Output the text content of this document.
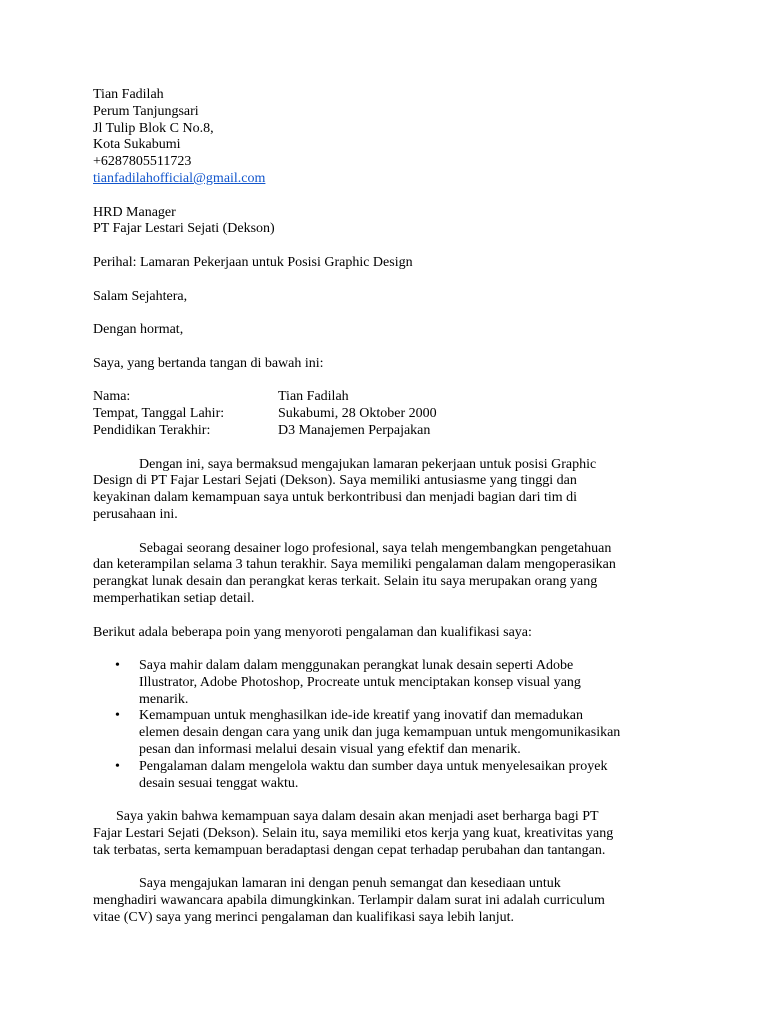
Tian Fadilah
Perum Tanjungsari
Jl Tulip Blok C No.8,
Kota Sukabumi
+6287805511723
tianfadilahofficial@gmail.com
HRD Manager
PT Fajar Lestari Sejati (Dekson)
Perihal: Lamaran Pekerjaan untuk Posisi Graphic Design
Salam Sejahtera,
Dengan hormat,
Saya, yang bertanda tangan di bawah ini:
Nama:	Tian Fadilah
Tempat, Tanggal Lahir:	Sukabumi, 28 Oktober 2000
Pendidikan Terakhir:	D3 Manajemen Perpajakan
Dengan ini, saya bermaksud mengajukan lamaran pekerjaan untuk posisi Graphic
Design di PT Fajar Lestari Sejati (Dekson). Saya memiliki antusiasme yang tinggi dan
keyakinan dalam kemampuan saya untuk berkontribusi dan menjadi bagian dari tim di
perusahaan ini.
Sebagai seorang desainer logo profesional, saya telah mengembangkan pengetahuan
dan keterampilan selama 3 tahun terakhir. Saya memiliki pengalaman dalam mengoperasikan
perangkat lunak desain dan perangkat keras terkait. Selain itu saya merupakan orang yang
memperhatikan setiap detail.
Berikut adala beberapa poin yang menyoroti pengalaman dan kualifikasi saya:
• Saya mahir dalam dalam menggunakan perangkat lunak desain seperti Adobe
Illustrator, Adobe Photoshop, Procreate untuk menciptakan konsep visual yang
menarik.
• Kemampuan untuk menghasilkan ide-ide kreatif yang inovatif dan memadukan
elemen desain dengan cara yang unik dan juga kemampuan untuk mengomunikasikan
pesan dan informasi melalui desain visual yang efektif dan menarik.
• Pengalaman dalam mengelola waktu dan sumber daya untuk menyelesaikan proyek
desain sesuai tenggat waktu.
Saya yakin bahwa kemampuan saya dalam desain akan menjadi aset berharga bagi PT
Fajar Lestari Sejati (Dekson). Selain itu, saya memiliki etos kerja yang kuat, kreativitas yang
tak terbatas, serta kemampuan beradaptasi dengan cepat terhadap perubahan dan tantangan.
Saya mengajukan lamaran ini dengan penuh semangat dan kesediaan untuk
menghadiri wawancara apabila dimungkinkan. Terlampir dalam surat ini adalah curriculum
vitae (CV) saya yang merinci pengalaman dan kualifikasi saya lebih lanjut.
